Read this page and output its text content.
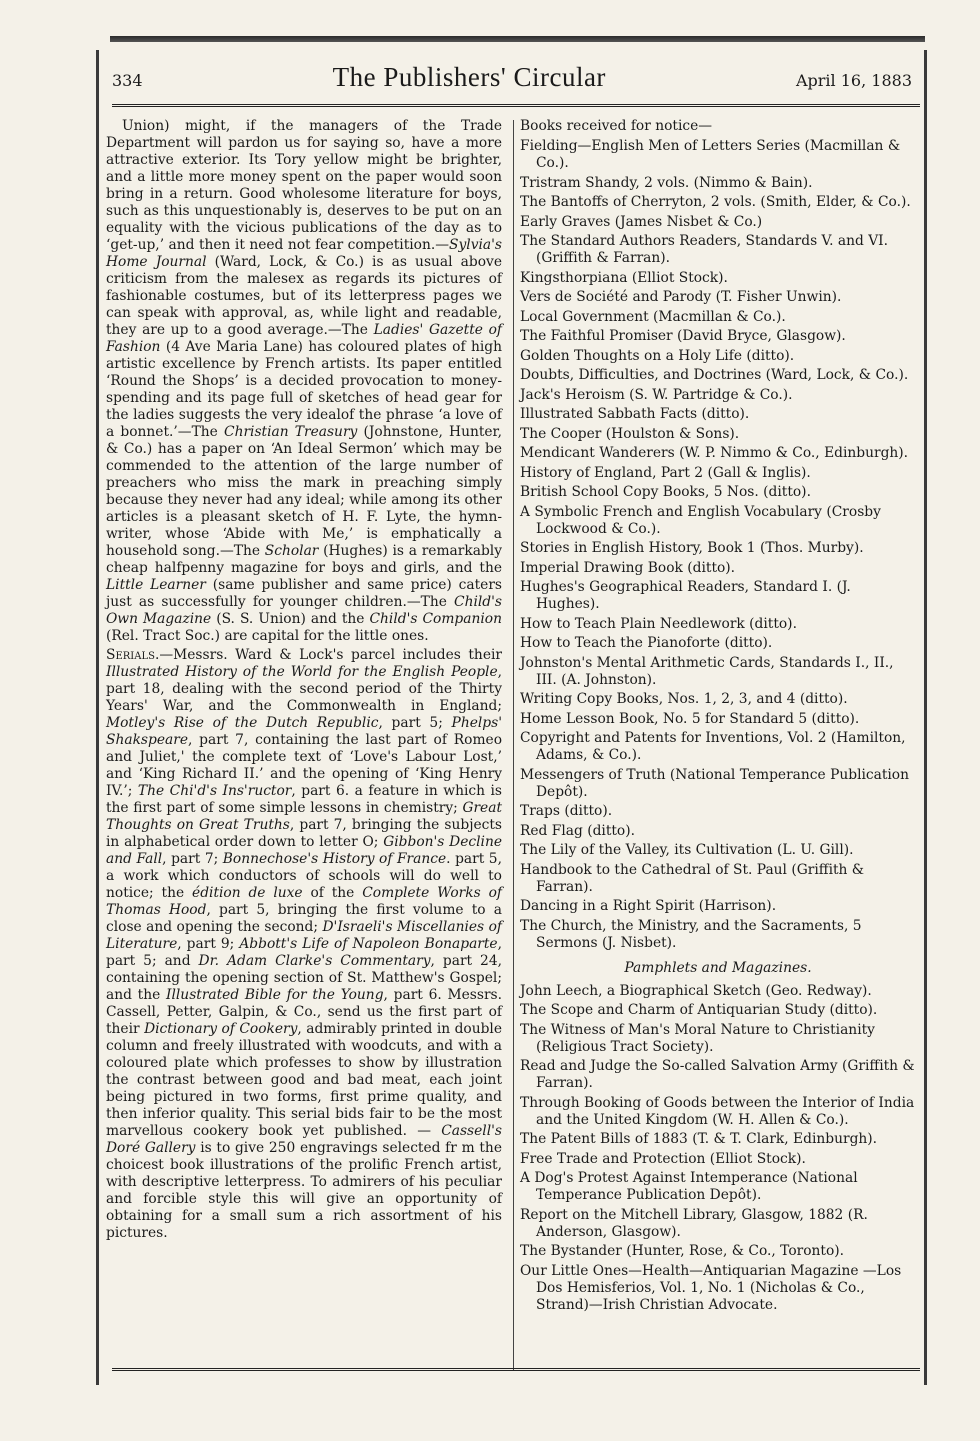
334	The Publishers' Circular	April 16, 1883

Union) might, if the managers of the Trade Department will pardon us for saying so, have a more attractive exterior. Its Tory yellow might be brighter, and a little more money spent on the paper would soon bring in a return. Good wholesome literature for boys, such as this unquestionably is, deserves to be put on an equality with the vicious publications of the day as to ‘get-up,’ and then it need not fear competition.—Sylvia's Home Journal (Ward, Lock, & Co.) is as usual above criticism from the malesex as regards its pictures of fashionable costumes, but of its letterpress pages we can speak with approval, as, while light and readable, they are up to a good average.—The Ladies' Gazette of Fashion (4 Ave Maria Lane) has coloured plates of high artistic excellence by French artists. Its paper entitled ‘Round the Shops’ is a decided provocation to money-spending and its page full of sketches of head gear for the ladies suggests the very idealof the phrase ‘a love of a bonnet.’—The Christian Treasury (Johnstone, Hunter, & Co.) has a paper on ‘An Ideal Sermon’ which may be commended to the attention of the large number of preachers who miss the mark in preaching simply because they never had any ideal; while among its other articles is a pleasant sketch of H. F. Lyte, the hymn-writer, whose ‘Abide with Me,’ is emphatically a household song.—The Scholar (Hughes) is a remarkably cheap halfpenny magazine for boys and girls, and the Little Learner (same publisher and same price) caters just as successfully for younger children.—The Child's Own Magazine (S. S. Union) and the Child's Companion (Rel. Tract Soc.) are capital for the little ones.

Serials.—Messrs. Ward & Lock's parcel includes their Illustrated History of the World for the English People, part 18, dealing with the second period of the Thirty Years' War, and the Commonwealth in England; Motley's Rise of the Dutch Republic, part 5; Phelps' Shakspeare, part 7, containing the last part of Romeo and Juliet,' the complete text of ‘Love's Labour Lost,’ and ‘King Richard II.’ and the opening of ‘King Henry IV.’; The Chi'd's Ins'ructor, part 6. a feature in which is the first part of some simple lessons in chemistry; Great Thoughts on Great Truths, part 7, bringing the subjects in alphabetical order down to letter O; Gibbon's Decline and Fall, part 7; Bonnechose's History of France. part 5, a work which conductors of schools will do well to notice; the édition de luxe of the Complete Works of Thomas Hood, part 5, bringing the first volume to a close and opening the second; D'Israeli's Miscellanies of Literature, part 9; Abbott's Life of Napoleon Bonaparte, part 5; and Dr. Adam Clarke's Commentary, part 24, containing the opening section of St. Matthew's Gospel; and the Illustrated Bible for the Young, part 6. Messrs. Cassell, Petter, Galpin, & Co., send us the first part of their Dictionary of Cookery, admirably printed in double column and freely illustrated with woodcuts, and with a coloured plate which professes to show by illustration the contrast between good and bad meat, each joint being pictured in two forms, first prime quality, and then inferior quality. This serial bids fair to be the most marvellous cookery book yet published. — Cassell's Doré Gallery is to give 250 engravings selected fr m the choicest book illustrations of the prolific French artist, with descriptive letterpress. To admirers of his peculiar and forcible style this will give an opportunity of obtaining for a small sum a rich assortment of his pictures.

Books received for notice—

Fielding—English Men of Letters Series (Macmillan & Co.).

Tristram Shandy, 2 vols. (Nimmo & Bain).

The Bantoffs of Cherryton, 2 vols. (Smith, Elder, & Co.).

Early Graves (James Nisbet & Co.)

The Standard Authors Readers, Standards V. and VI. (Griffith & Farran).

Kingsthorpiana (Elliot Stock).

Vers de Société and Parody (T. Fisher Unwin).

Local Government (Macmillan & Co.).

The Faithful Promiser (David Bryce, Glasgow).

Golden Thoughts on a Holy Life (ditto).

Doubts, Difficulties, and Doctrines (Ward, Lock, & Co.).

Jack's Heroism (S. W. Partridge & Co.).

Illustrated Sabbath Facts (ditto).

The Cooper (Houlston & Sons).

Mendicant Wanderers (W. P. Nimmo & Co., Edinburgh).

History of England, Part 2 (Gall & Inglis).

British School Copy Books, 5 Nos. (ditto).

A Symbolic French and English Vocabulary (Crosby Lockwood & Co.).

Stories in English History, Book 1 (Thos. Murby).

Imperial Drawing Book (ditto).

Hughes's Geographical Readers, Standard I. (J. Hughes).

How to Teach Plain Needlework (ditto).

How to Teach the Pianoforte (ditto).

Johnston's Mental Arithmetic Cards, Standards I., II., III. (A. Johnston).

Writing Copy Books, Nos. 1, 2, 3, and 4 (ditto).

Home Lesson Book, No. 5 for Standard 5 (ditto).

Copyright and Patents for Inventions, Vol. 2 (Hamilton, Adams, & Co.).

Messengers of Truth (National Temperance Publication Depôt).

Traps (ditto).

Red Flag (ditto).

The Lily of the Valley, its Cultivation (L. U. Gill).

Handbook to the Cathedral of St. Paul (Griffith & Farran).

Dancing in a Right Spirit (Harrison).

The Church, the Ministry, and the Sacraments, 5 Sermons (J. Nisbet).

Pamphlets and Magazines.

John Leech, a Biographical Sketch (Geo. Redway).

The Scope and Charm of Antiquarian Study (ditto).

The Witness of Man's Moral Nature to Christianity (Religious Tract Society).

Read and Judge the So-called Salvation Army (Griffith & Farran).

Through Booking of Goods between the Interior of India and the United Kingdom (W. H. Allen & Co.).

The Patent Bills of 1883 (T. & T. Clark, Edinburgh).

Free Trade and Protection (Elliot Stock).

A Dog's Protest Against Intemperance (National Temperance Publication Depôt).

Report on the Mitchell Library, Glasgow, 1882 (R. Anderson, Glasgow).

The Bystander (Hunter, Rose, & Co., Toronto).

Our Little Ones—Health—Antiquarian Magazine —Los Dos Hemisferios, Vol. 1, No. 1 (Nicholas & Co., Strand)—Irish Christian Advocate.
